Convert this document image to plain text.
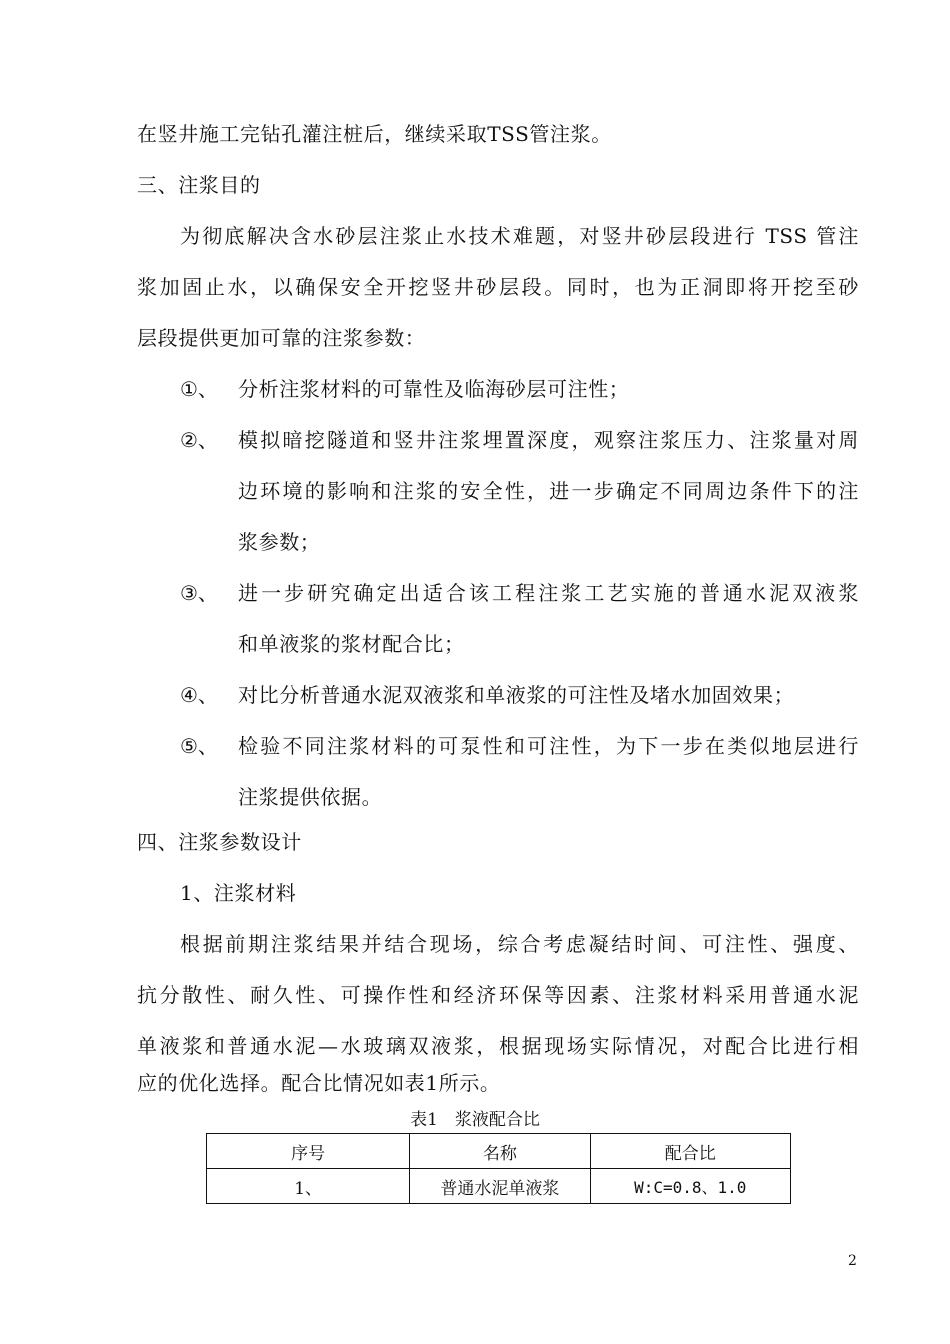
在竖井施工完钻孔灌注桩后，继续采取TSS管注浆。
三、注浆目的
为彻底解决含水砂层注浆止水技术难题，对竖井砂层段进行 TSS 管注
浆加固止水，以确保安全开挖竖井砂层段。同时，也为正洞即将开挖至砂
层段提供更加可靠的注浆参数：
①、 分析注浆材料的可靠性及临海砂层可注性；
②、 模拟暗挖隧道和竖井注浆埋置深度，观察注浆压力、注浆量对周
边环境的影响和注浆的安全性，进一步确定不同周边条件下的注
浆参数；
③、 进一步研究确定出适合该工程注浆工艺实施的普通水泥双液浆
和单液浆的浆材配合比；
④、 对比分析普通水泥双液浆和单液浆的可注性及堵水加固效果；
⑤、 检验不同注浆材料的可泵性和可注性，为下一步在类似地层进行
注浆提供依据。
四、注浆参数设计
1、注浆材料
根据前期注浆结果并结合现场，综合考虑凝结时间、可注性、强度、
抗分散性、耐久性、可操作性和经济环保等因素、注浆材料采用普通水泥
单液浆和普通水泥—水玻璃双液浆，根据现场实际情况，对配合比进行相
应的优化选择。配合比情况如表1所示。
表1　浆液配合比
序号	名称	配合比
1、	普通水泥单液浆	W:C=0.8、1.0
2
